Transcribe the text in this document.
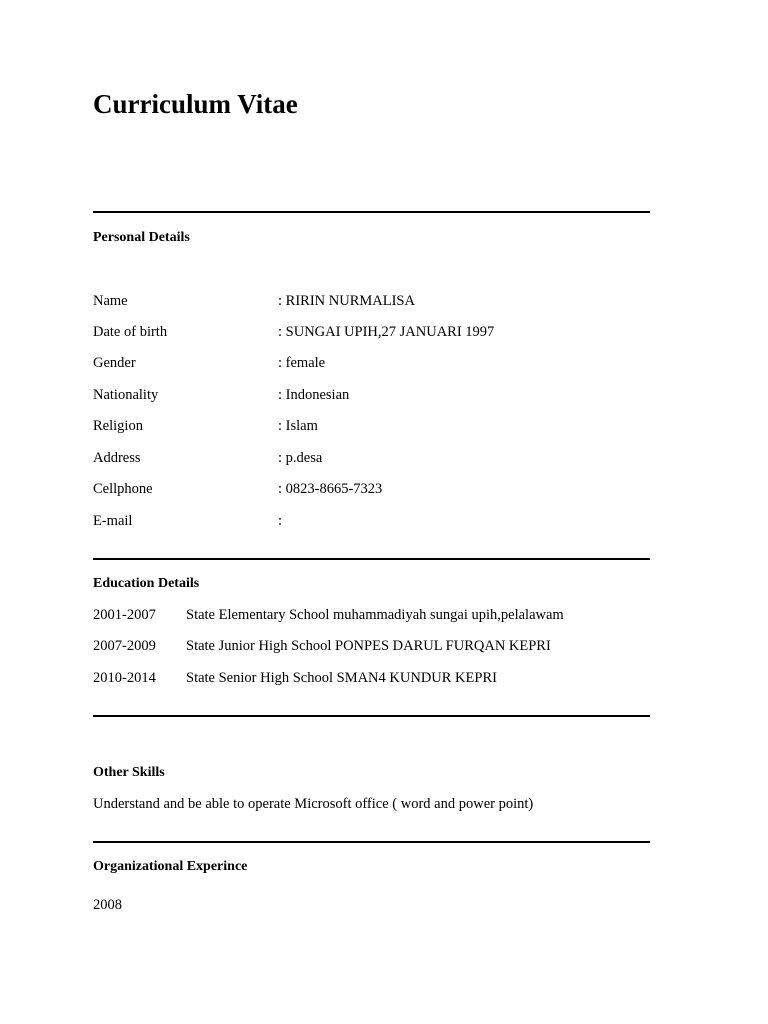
Curriculum Vitae
Personal Details
Name	: RIRIN NURMALISA
Date of birth	: SUNGAI UPIH,27 JANUARI 1997
Gender	: female
Nationality	: Indonesian
Religion	: Islam
Address	: p.desa
Cellphone	: 0823-8665-7323
E-mail	:
Education Details
2001-2007 State Elementary School muhammadiyah sungai upih,pelalawam
2007-2009 State Junior High School PONPES DARUL FURQAN KEPRI
2010-2014 State Senior High School SMAN4 KUNDUR KEPRI
Other Skills
Understand and be able to operate Microsoft office ( word and power point)
Organizational Experince
2008
